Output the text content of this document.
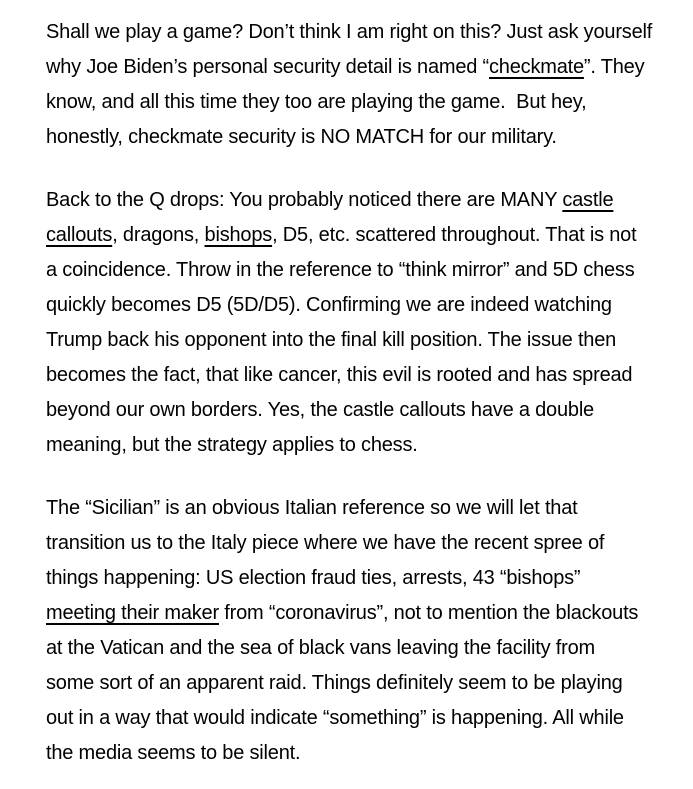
Shall we play a game? Don’t think I am right on this? Just ask yourself
why Joe Biden’s personal security detail is named “checkmate”. They
know, and all this time they too are playing the game.  But hey,
honestly, checkmate security is NO MATCH for our military.

Back to the Q drops: You probably noticed there are MANY castle
callouts, dragons, bishops, D5, etc. scattered throughout. That is not
a coincidence. Throw in the reference to “think mirror” and 5D chess
quickly becomes D5 (5D/D5). Confirming we are indeed watching
Trump back his opponent into the final kill position. The issue then
becomes the fact, that like cancer, this evil is rooted and has spread
beyond our own borders. Yes, the castle callouts have a double
meaning, but the strategy applies to chess.

The “Sicilian” is an obvious Italian reference so we will let that
transition us to the Italy piece where we have the recent spree of
things happening: US election fraud ties, arrests, 43 “bishops”
meeting their maker from “coronavirus”, not to mention the blackouts
at the Vatican and the sea of black vans leaving the facility from
some sort of an apparent raid. Things definitely seem to be playing
out in a way that would indicate “something” is happening. All while
the media seems to be silent.
